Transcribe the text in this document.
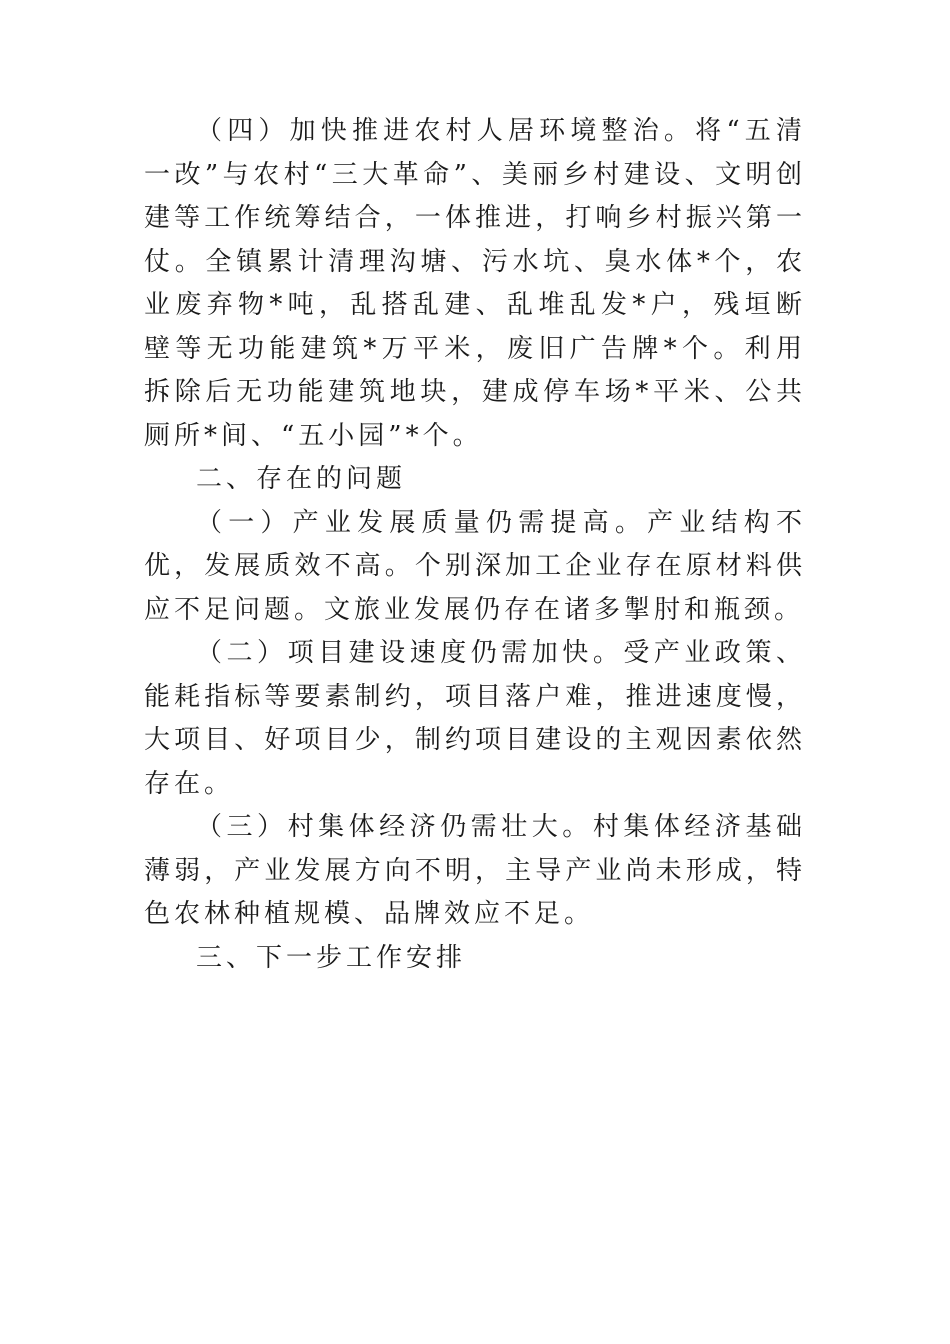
（四）加快推进农村人居环境整治。将“五清一改”与农村“三大革命”、美丽乡村建设、文明创建等工作统筹结合，一体推进，打响乡村振兴第一仗。全镇累计清理沟塘、污水坑、臭水体*个，农业废弃物*吨，乱搭乱建、乱堆乱发*户，残垣断壁等无功能建筑*万平米，废旧广告牌*个。利用拆除后无功能建筑地块，建成停车场*平米、公共厕所*间、“五小园”*个。

二、存在的问题

（一）产业发展质量仍需提高。产业结构不优，发展质效不高。个别深加工企业存在原材料供应不足问题。文旅业发展仍存在诸多掣肘和瓶颈。

（二）项目建设速度仍需加快。受产业政策、能耗指标等要素制约，项目落户难，推进速度慢，大项目、好项目少，制约项目建设的主观因素依然存在。

（三）村集体经济仍需壮大。村集体经济基础薄弱，产业发展方向不明，主导产业尚未形成，特色农林种植规模、品牌效应不足。

三、下一步工作安排
